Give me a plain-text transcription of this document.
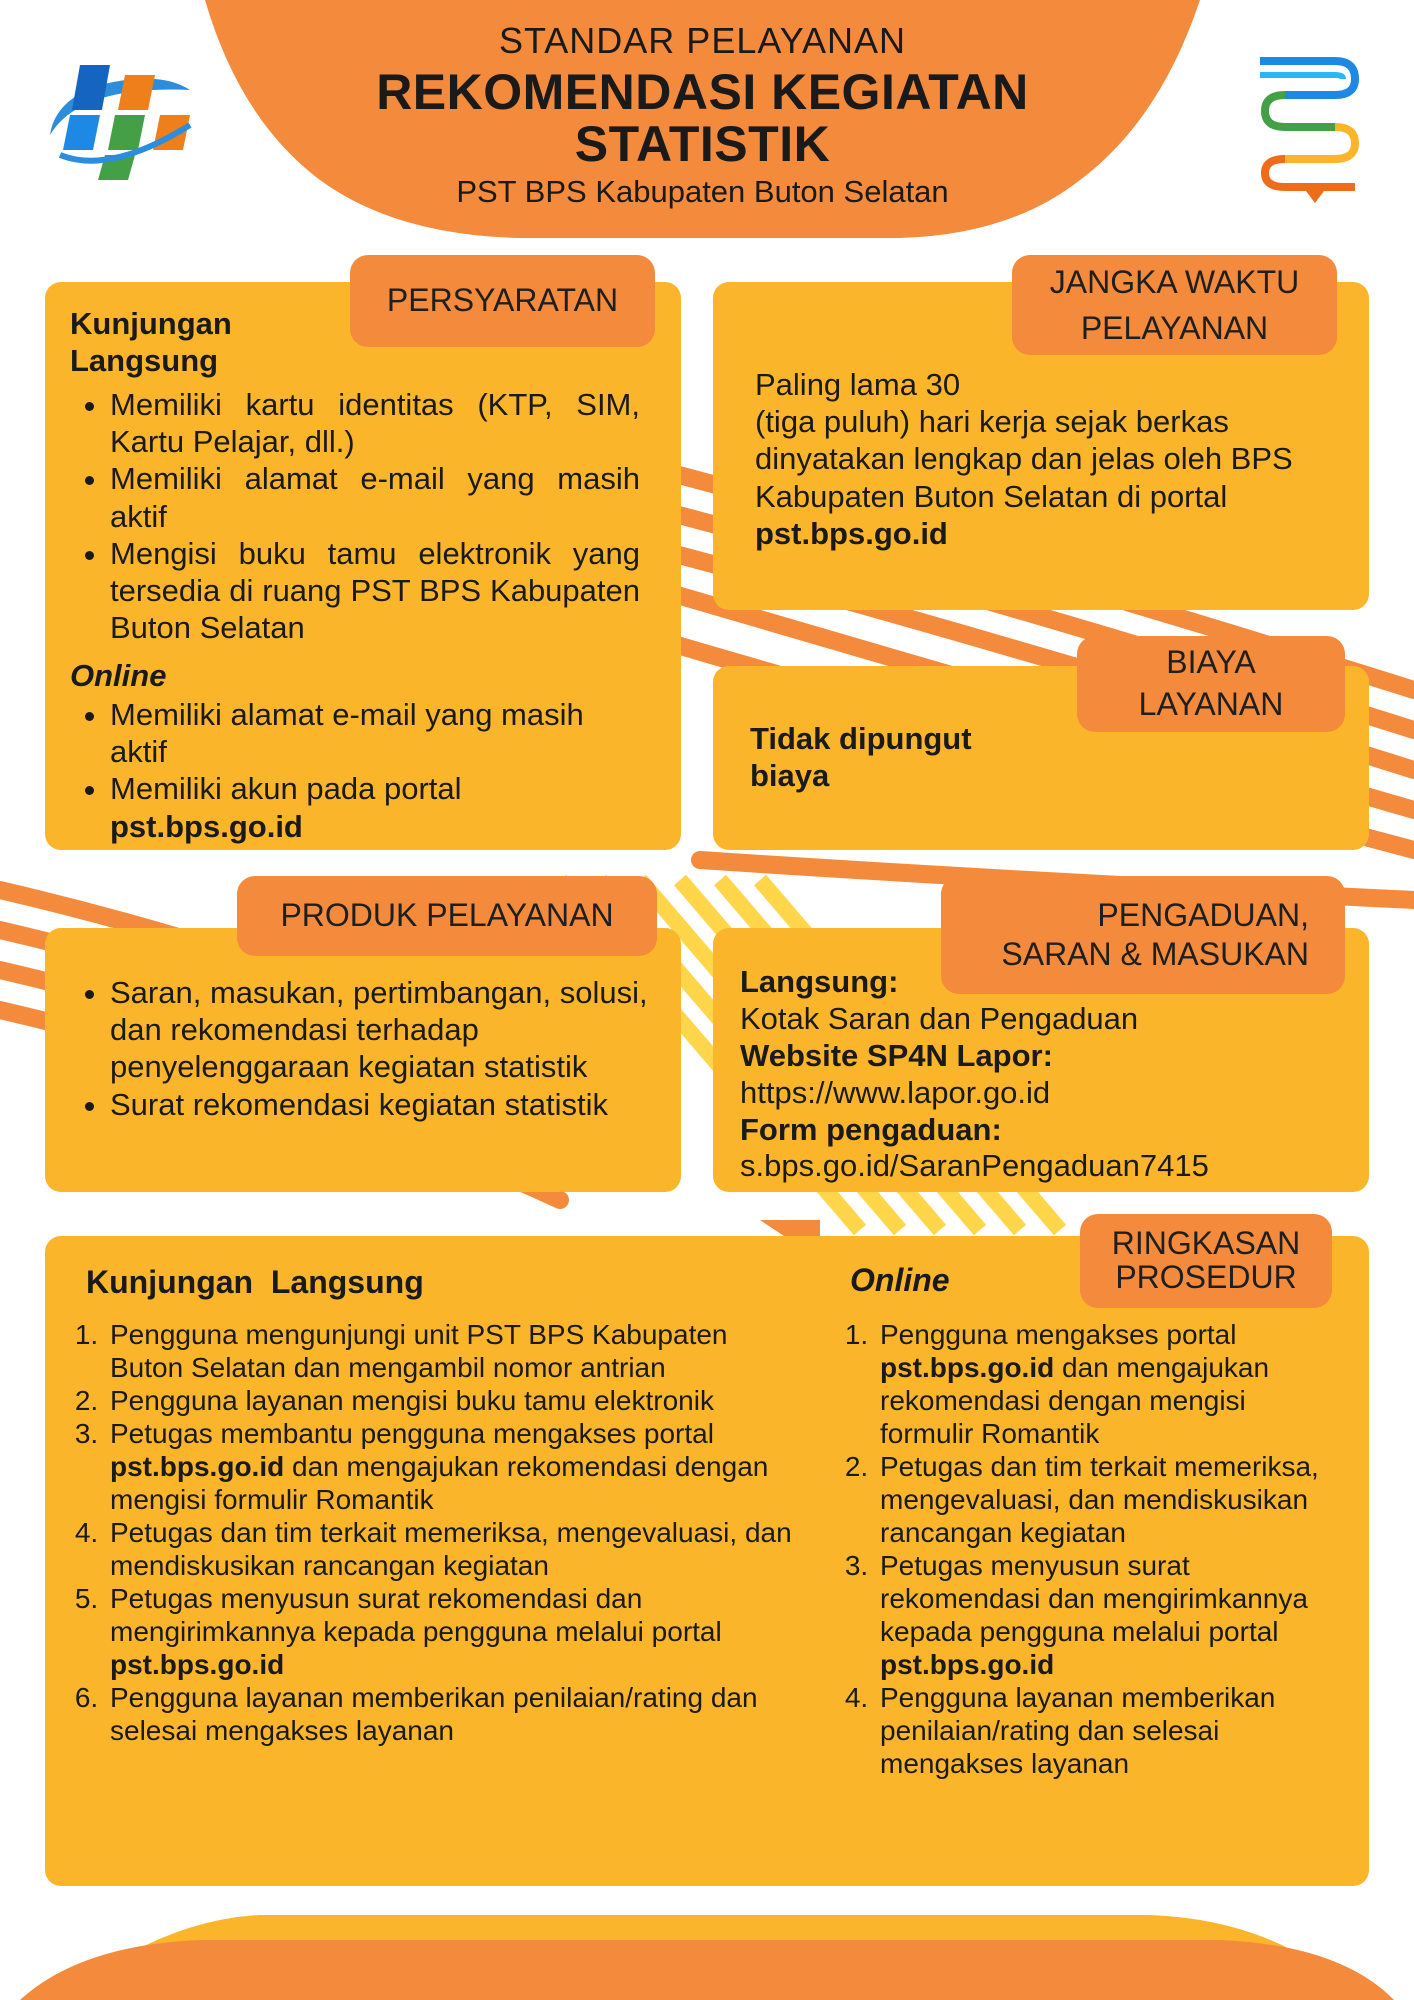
STANDAR PELAYANAN
REKOMENDASI KEGIATAN
STATISTIK
PST BPS Kabupaten Buton Selatan
PERSYARATAN
Kunjungan
Langsung
• Memiliki kartu identitas (KTP, SIM, Kartu Pelajar, dll.)
• Memiliki alamat e-mail yang masih aktif
• Mengisi buku tamu elektronik yang tersedia di ruang PST BPS Kabupaten Buton Selatan
Online
• Memiliki alamat e-mail yang masih aktif
• Memiliki akun pada portal pst.bps.go.id
JANGKA WAKTU
PELAYANAN
Paling lama 30
(tiga puluh) hari kerja sejak berkas dinyatakan lengkap dan jelas oleh BPS Kabupaten Buton Selatan di portal pst.bps.go.id
BIAYA
LAYANAN
Tidak dipungut
biaya
PRODUK PELAYANAN
• Saran, masukan, pertimbangan, solusi, dan rekomendasi terhadap penyelenggaraan kegiatan statistik
• Surat rekomendasi kegiatan statistik
PENGADUAN,
SARAN & MASUKAN
Langsung:
Kotak Saran dan Pengaduan
Website SP4N Lapor:
https://www.lapor.go.id
Form pengaduan:
s.bps.go.id/SaranPengaduan7415
RINGKASAN
PROSEDUR
Kunjungan  Langsung
1. Pengguna mengunjungi unit PST BPS Kabupaten Buton Selatan dan mengambil nomor antrian
2. Pengguna layanan mengisi buku tamu elektronik
3. Petugas membantu pengguna mengakses portal pst.bps.go.id dan mengajukan rekomendasi dengan mengisi formulir Romantik
4. Petugas dan tim terkait memeriksa, mengevaluasi, dan mendiskusikan rancangan kegiatan
5. Petugas menyusun surat rekomendasi dan mengirimkannya kepada pengguna melalui portal pst.bps.go.id
6. Pengguna layanan memberikan penilaian/rating dan selesai mengakses layanan
Online
1. Pengguna mengakses portal pst.bps.go.id dan mengajukan rekomendasi dengan mengisi formulir Romantik
2. Petugas dan tim terkait memeriksa, mengevaluasi, dan mendiskusikan rancangan kegiatan
3. Petugas menyusun surat rekomendasi dan mengirimkannya kepada pengguna melalui portal pst.bps.go.id
4. Pengguna layanan memberikan penilaian/rating dan selesai mengakses layanan
